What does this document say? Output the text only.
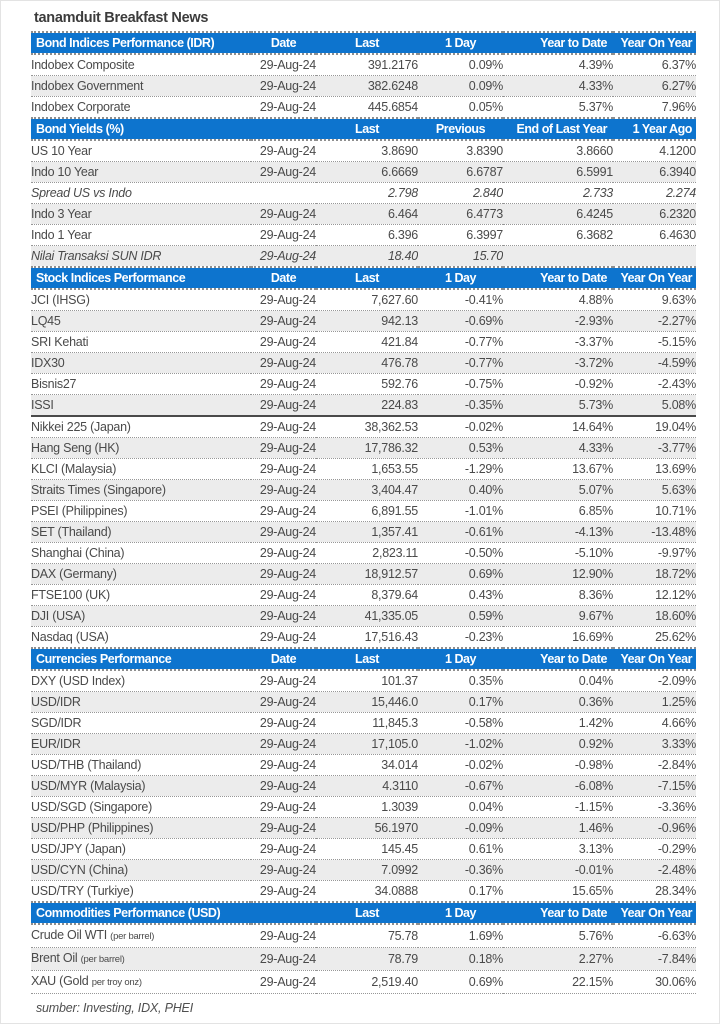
tanamduit Breakfast News
Bond Indices Performance (IDR)	Date	Last	1 Day	Year to Date	Year On Year
Indobex Composite	29-Aug-24	391.2176	0.09%	4.39%	6.37%
Indobex Government	29-Aug-24	382.6248	0.09%	4.33%	6.27%
Indobex Corporate	29-Aug-24	445.6854	0.05%	5.37%	7.96%
Bond Yields (%)		Last	Previous	End of Last Year	1 Year Ago
US 10 Year	29-Aug-24	3.8690	3.8390	3.8660	4.1200
Indo 10 Year	29-Aug-24	6.6669	6.6787	6.5991	6.3940
Spread US vs Indo		2.798	2.840	2.733	2.274
Indo 3 Year	29-Aug-24	6.464	6.4773	6.4245	6.2320
Indo 1 Year	29-Aug-24	6.396	6.3997	6.3682	6.4630
Nilai Transaksi SUN IDR	29-Aug-24	18.40	15.70		
Stock Indices Performance	Date	Last	1 Day	Year to Date	Year On Year
JCI (IHSG)	29-Aug-24	7,627.60	-0.41%	4.88%	9.63%
LQ45	29-Aug-24	942.13	-0.69%	-2.93%	-2.27%
SRI Kehati	29-Aug-24	421.84	-0.77%	-3.37%	-5.15%
IDX30	29-Aug-24	476.78	-0.77%	-3.72%	-4.59%
Bisnis27	29-Aug-24	592.76	-0.75%	-0.92%	-2.43%
ISSI	29-Aug-24	224.83	-0.35%	5.73%	5.08%
Nikkei 225 (Japan)	29-Aug-24	38,362.53	-0.02%	14.64%	19.04%
Hang Seng (HK)	29-Aug-24	17,786.32	0.53%	4.33%	-3.77%
KLCI (Malaysia)	29-Aug-24	1,653.55	-1.29%	13.67%	13.69%
Straits Times (Singapore)	29-Aug-24	3,404.47	0.40%	5.07%	5.63%
PSEI (Philippines)	29-Aug-24	6,891.55	-1.01%	6.85%	10.71%
SET (Thailand)	29-Aug-24	1,357.41	-0.61%	-4.13%	-13.48%
Shanghai (China)	29-Aug-24	2,823.11	-0.50%	-5.10%	-9.97%
DAX (Germany)	29-Aug-24	18,912.57	0.69%	12.90%	18.72%
FTSE100 (UK)	29-Aug-24	8,379.64	0.43%	8.36%	12.12%
DJI (USA)	29-Aug-24	41,335.05	0.59%	9.67%	18.60%
Nasdaq (USA)	29-Aug-24	17,516.43	-0.23%	16.69%	25.62%
Currencies Performance	Date	Last	1 Day	Year to Date	Year On Year
DXY (USD Index)	29-Aug-24	101.37	0.35%	0.04%	-2.09%
USD/IDR	29-Aug-24	15,446.0	0.17%	0.36%	1.25%
SGD/IDR	29-Aug-24	11,845.3	-0.58%	1.42%	4.66%
EUR/IDR	29-Aug-24	17,105.0	-1.02%	0.92%	3.33%
USD/THB (Thailand)	29-Aug-24	34.014	-0.02%	-0.98%	-2.84%
USD/MYR (Malaysia)	29-Aug-24	4.3110	-0.67%	-6.08%	-7.15%
USD/SGD (Singapore)	29-Aug-24	1.3039	0.04%	-1.15%	-3.36%
USD/PHP (Philippines)	29-Aug-24	56.1970	-0.09%	1.46%	-0.96%
USD/JPY (Japan)	29-Aug-24	145.45	0.61%	3.13%	-0.29%
USD/CYN (China)	29-Aug-24	7.0992	-0.36%	-0.01%	-2.48%
USD/TRY (Turkiye)	29-Aug-24	34.0888	0.17%	15.65%	28.34%
Commodities Performance (USD)		Last	1 Day	Year to Date	Year On Year
Crude Oil WTI (per barrel)	29-Aug-24	75.78	1.69%	5.76%	-6.63%
Brent Oil (per barrel)	29-Aug-24	78.79	0.18%	2.27%	-7.84%
XAU (Gold per troy onz)	29-Aug-24	2,519.40	0.69%	22.15%	30.06%
sumber: Investing, IDX, PHEI
